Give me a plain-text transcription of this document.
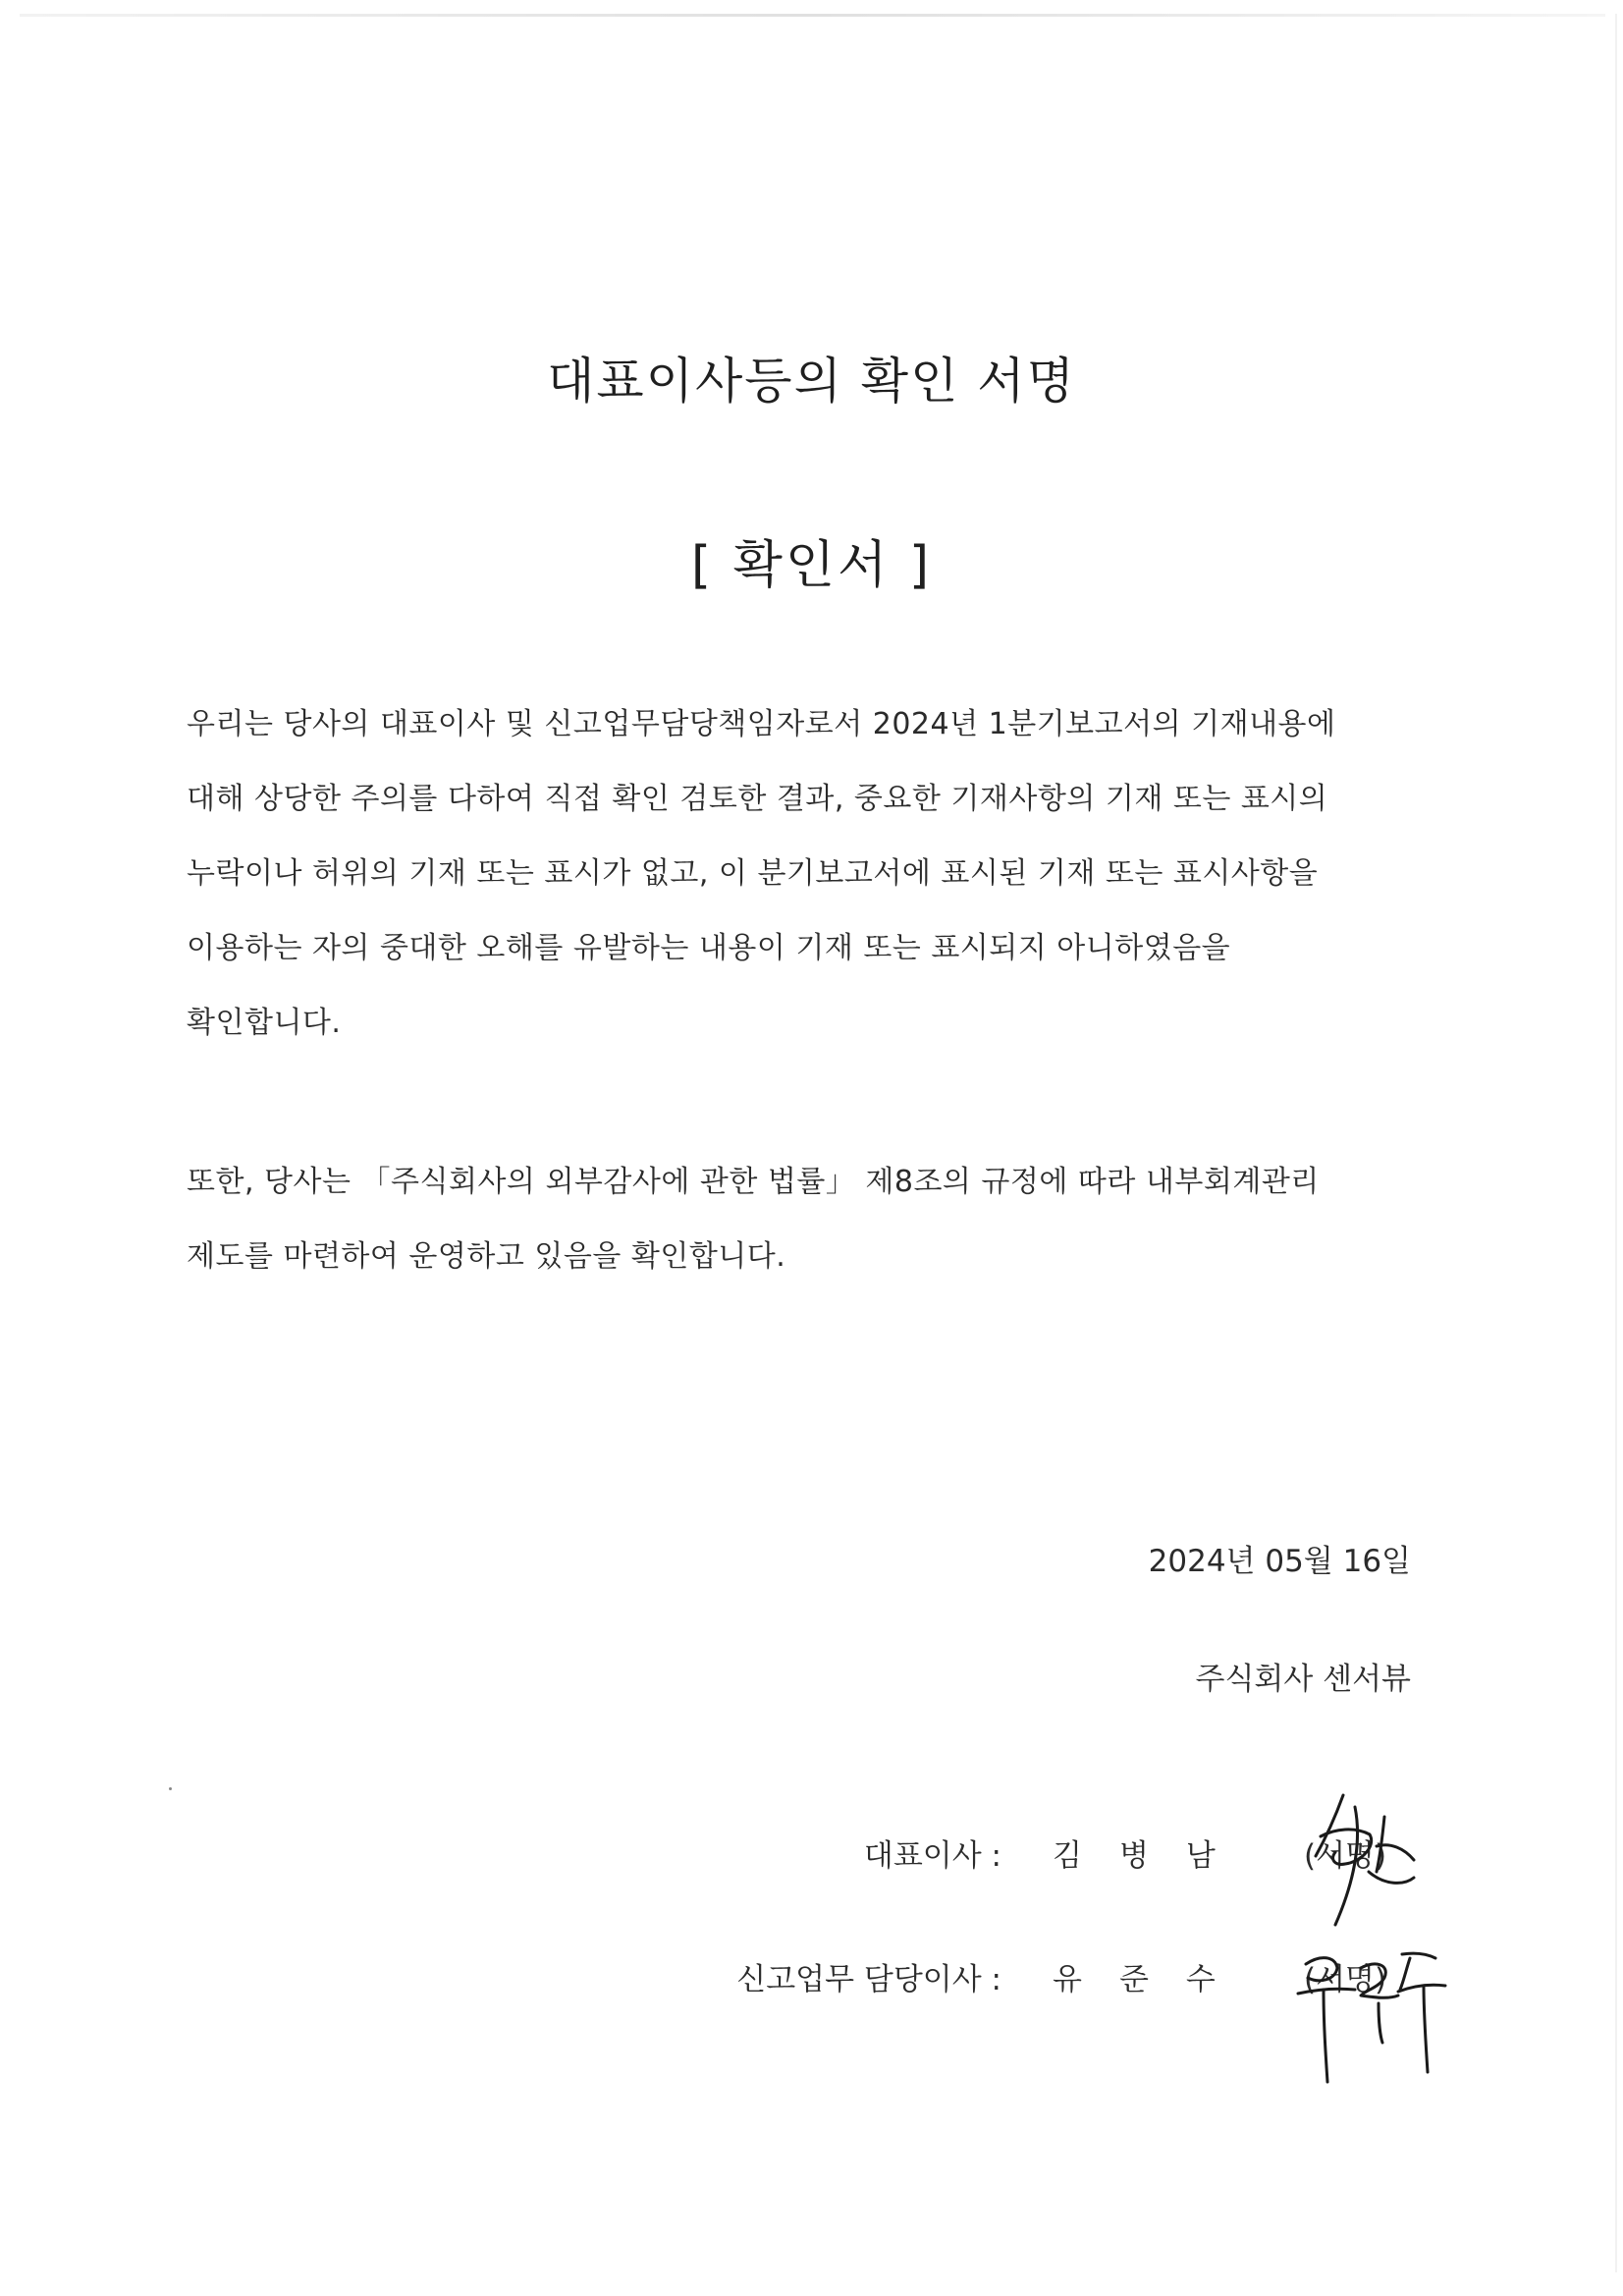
대표이사등의 확인 서명
[ 확인서 ]
우리는 당사의 대표이사 및 신고업무담당책임자로서 2024년 1분기보고서의 기재내용에
대해 상당한 주의를 다하여 직접 확인 검토한 결과, 중요한 기재사항의 기재 또는 표시의
누락이나 허위의 기재 또는 표시가 없고, 이 분기보고서에 표시된 기재 또는 표시사항을
이용하는 자의 중대한 오해를 유발하는 내용이 기재 또는 표시되지 아니하였음을
확인합니다.
또한, 당사는 「주식회사의 외부감사에 관한 법률」 제8조의 규정에 따라 내부회계관리
제도를 마련하여 운영하고 있음을 확인합니다.
2024년 05월 16일
주식회사 센서뷰
대표이사 : 김병남 (서명)
신고업무 담당이사 : 유준수 (서명)
